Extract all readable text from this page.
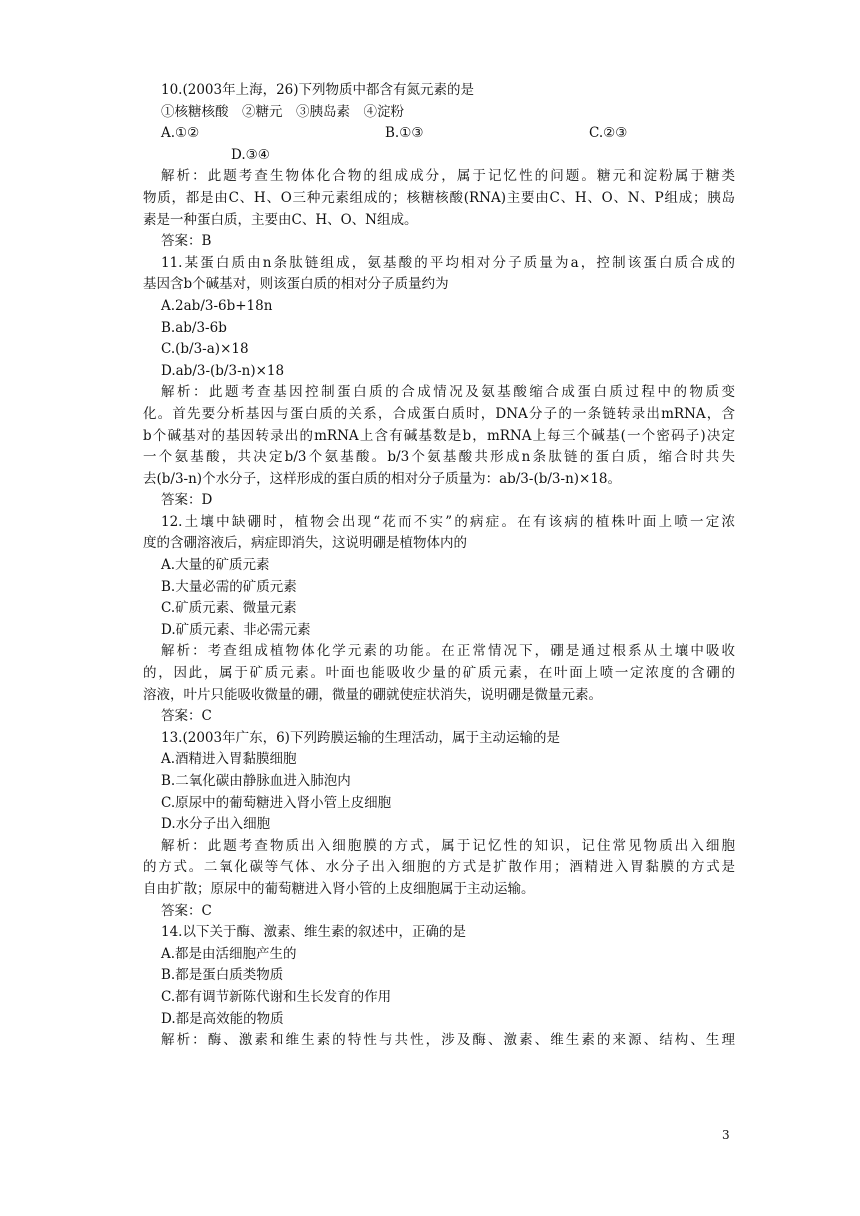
10.(2003年上海，26)下列物质中都含有氮元素的是
①核糖核酸　②糖元　③胰岛素　④淀粉
A.①②	B.①③	C.②③
D.③④
解析：此题考查生物体化合物的组成成分，属于记忆性的问题。糖元和淀粉属于糖类
物质，都是由C、H、O三种元素组成的；核糖核酸(RNA)主要由C、H、O、N、P组成；胰岛
素是一种蛋白质，主要由C、H、O、N组成。
答案：B
11.某蛋白质由n条肽链组成，氨基酸的平均相对分子质量为a，控制该蛋白质合成的
基因含b个碱基对，则该蛋白质的相对分子质量约为
A.2ab/3-6b+18n
B.ab/3-6b
C.(b/3-a)×18
D.ab/3-(b/3-n)×18
解析：此题考查基因控制蛋白质的合成情况及氨基酸缩合成蛋白质过程中的物质变
化。首先要分析基因与蛋白质的关系，合成蛋白质时，DNA分子的一条链转录出mRNA，含
b个碱基对的基因转录出的mRNA上含有碱基数是b，mRNA上每三个碱基(一个密码子)决定
一个氨基酸，共决定b/3个氨基酸。b/3个氨基酸共形成n条肽链的蛋白质，缩合时共失
去(b/3-n)个水分子，这样形成的蛋白质的相对分子质量为：ab/3-(b/3-n)×18。
答案：D
12.土壤中缺硼时，植物会出现“花而不实”的病症。在有该病的植株叶面上喷一定浓
度的含硼溶液后，病症即消失，这说明硼是植物体内的
A.大量的矿质元素
B.大量必需的矿质元素
C.矿质元素、微量元素
D.矿质元素、非必需元素
解析：考查组成植物体化学元素的功能。在正常情况下，硼是通过根系从土壤中吸收
的，因此，属于矿质元素。叶面也能吸收少量的矿质元素，在叶面上喷一定浓度的含硼的
溶液，叶片只能吸收微量的硼，微量的硼就使症状消失，说明硼是微量元素。
答案：C
13.(2003年广东，6)下列跨膜运输的生理活动，属于主动运输的是
A.酒精进入胃黏膜细胞
B.二氧化碳由静脉血进入肺泡内
C.原尿中的葡萄糖进入肾小管上皮细胞
D.水分子出入细胞
解析：此题考查物质出入细胞膜的方式，属于记忆性的知识，记住常见物质出入细胞
的方式。二氧化碳等气体、水分子出入细胞的方式是扩散作用；酒精进入胃黏膜的方式是
自由扩散；原尿中的葡萄糖进入肾小管的上皮细胞属于主动运输。
答案：C
14.以下关于酶、激素、维生素的叙述中，正确的是
A.都是由活细胞产生的
B.都是蛋白质类物质
C.都有调节新陈代谢和生长发育的作用
D.都是高效能的物质
解析：酶、激素和维生素的特性与共性，涉及酶、激素、维生素的来源、结构、生理
3
